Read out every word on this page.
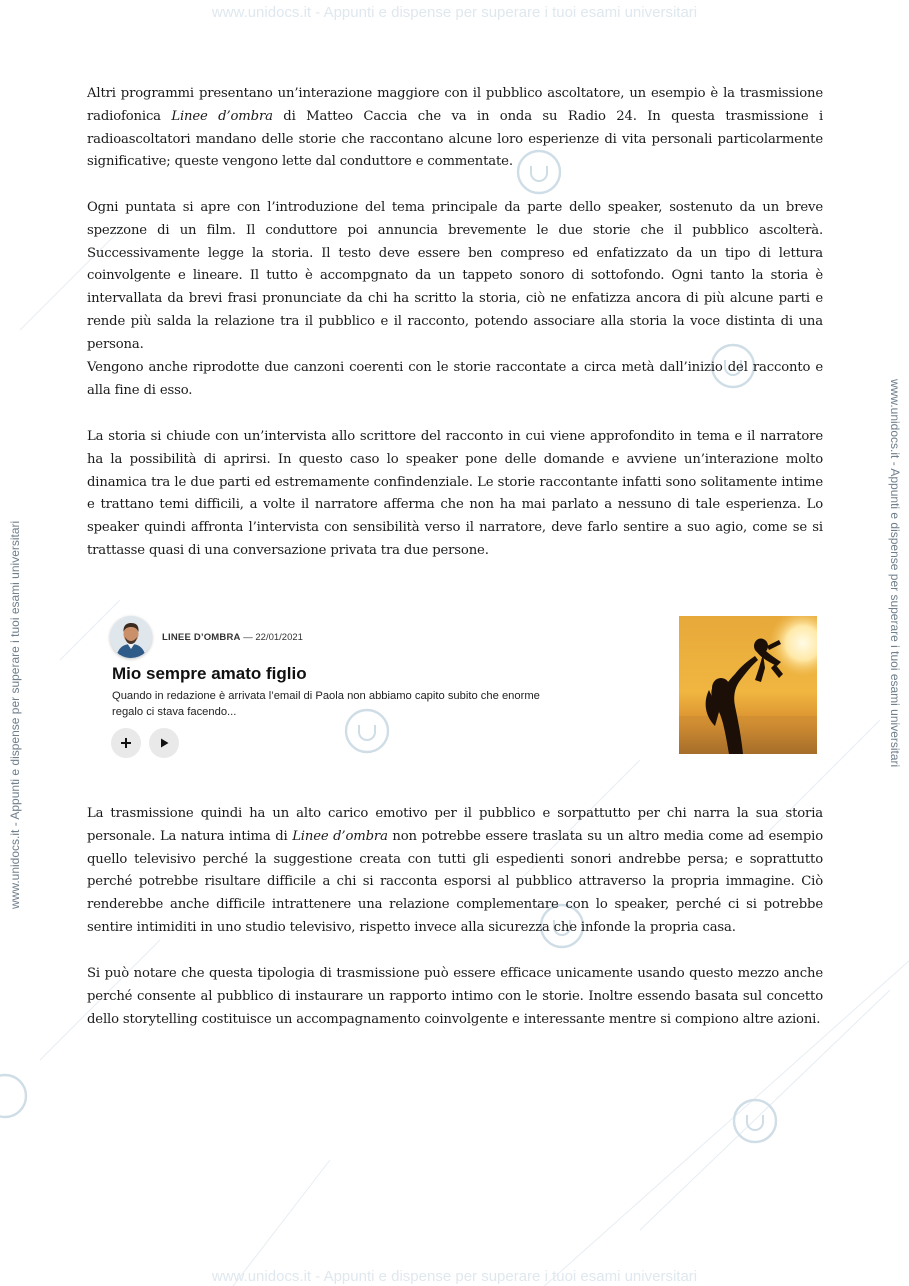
www.unidocs.it - Appunti e dispense per superare i tuoi esami universitari
www.unidocs.it - Appunti e dispense per superare i tuoi esami universitari
www.unidocs.it - Appunti e dispense per superare i tuoi esami universitari	www.unidocs.it - Appunti e dispense per superare i tuoi esami universitari

Altri programmi presentano un’interazione maggiore con il pubblico ascoltatore, un esempio è la trasmissione radiofonica Linee d’ombra di Matteo Caccia che va in onda su Radio 24. In questa trasmissione i radioascoltatori mandano delle storie che raccontano alcune loro esperienze di vita personali particolarmente significative; queste vengono lette dal conduttore e commentate.

Ogni puntata si apre con l’introduzione del tema principale da parte dello speaker, sostenuto da un breve spezzone di un film. Il conduttore poi annuncia brevemente le due storie che il pubblico ascolterà. Successivamente legge la storia. Il testo deve essere ben compreso ed enfatizzato da un tipo di lettura coinvolgente e lineare. Il tutto è accompgnato da un tappeto sonoro di sottofondo. Ogni tanto la storia è intervallata da brevi frasi pronunciate da chi ha scritto la storia, ciò ne enfatizza ancora di più alcune parti e rende più salda la relazione tra il pubblico e il racconto, potendo associare alla storia la voce distinta di una persona.

Vengono anche riprodotte due canzoni coerenti con le storie raccontate a circa metà dall’inizio del racconto e alla fine di esso.

La storia si chiude con un’intervista allo scrittore del racconto in cui viene approfondito in tema e il narratore ha la possibilità di aprirsi. In questo caso lo speaker pone delle domande e avviene un’interazione molto dinamica tra le due parti ed estremamente confindenziale. Le storie raccontante infatti sono solitamente intime e trattano temi difficili, a volte il narratore afferma che non ha mai parlato a nessuno di tale esperienza. Lo speaker quindi affronta l’intervista con sensibilità verso il narratore, deve farlo sentire a suo agio, come se si trattasse quasi di una conversazione privata tra due persone.

LINEE D’OMBRA — 22/01/2021
Mio sempre amato figlio
Quando in redazione è arrivata l’email di Paola non abbiamo capito subito che enorme regalo ci stava facendo...

La trasmissione quindi ha un alto carico emotivo per il pubblico e sorpattutto per chi narra la sua storia personale. La natura intima di Linee d’ombra non potrebbe essere traslata su un altro media come ad esempio quello televisivo perché la suggestione creata con tutti gli espedienti sonori andrebbe persa; e soprattutto perché potrebbe risultare difficile a chi si racconta esporsi al pubblico attraverso la propria immagine. Ciò renderebbe anche difficile intrattenere una relazione complementare con lo speaker, perché ci si potrebbe sentire intimiditi in uno studio televisivo, rispetto invece alla sicurezza che infonde la propria casa.

Si può notare che questa tipologia di trasmissione può essere efficace unicamente usando questo mezzo anche perché consente al pubblico di instaurare un rapporto intimo con le storie. Inoltre essendo basata sul concetto dello storytelling costituisce un accompagnamento coinvolgente e interessante mentre si compiono altre azioni.
